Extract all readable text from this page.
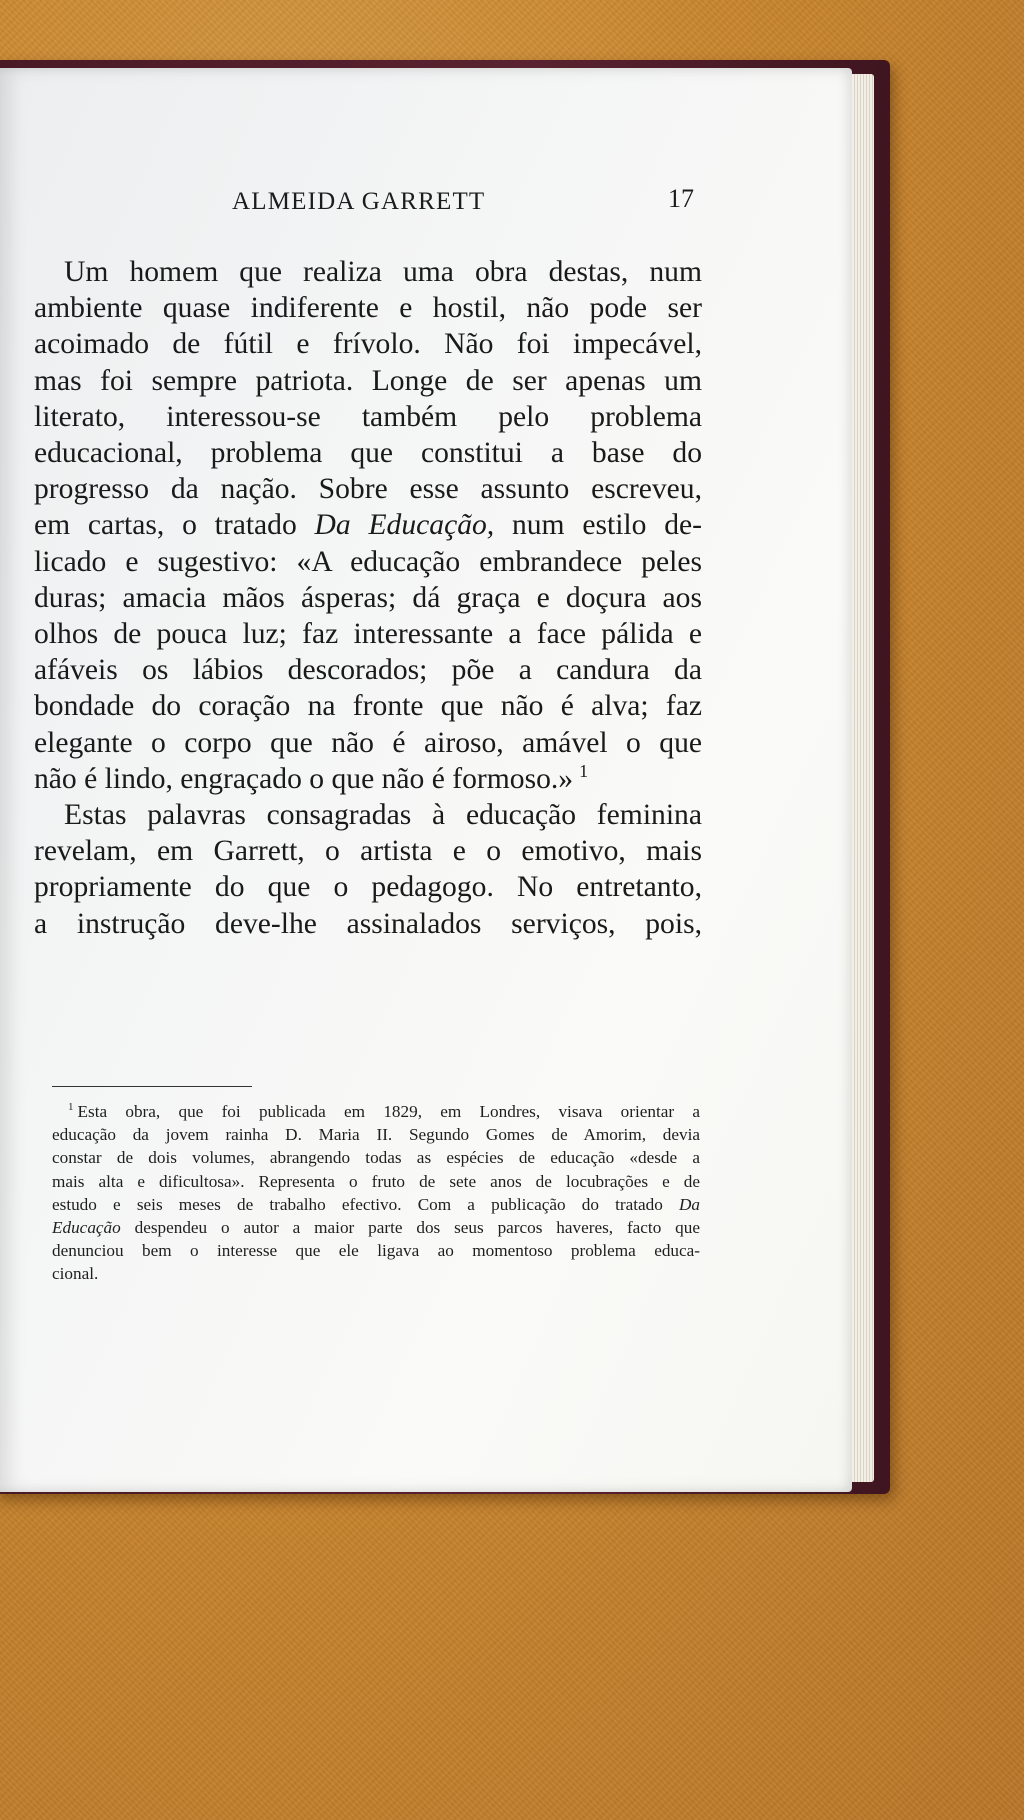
ALMEIDA GARRETT	17
Um homem que realiza uma obra destas, num
ambiente quase indiferente e hostil, não pode ser
acoimado de fútil e frívolo. Não foi impecável,
mas foi sempre patriota. Longe de ser apenas um
literato, interessou-se também pelo problema
educacional, problema que constitui a base do
progresso da nação. Sobre esse assunto escreveu,
em cartas, o tratado Da Educação, num estilo de-
licado e sugestivo: «A educação embrandece peles
duras; amacia mãos ásperas; dá graça e doçura aos
olhos de pouca luz; faz interessante a face pálida e
afáveis os lábios descorados; põe a candura da
bondade do coração na fronte que não é alva; faz
elegante o corpo que não é airoso, amável o que
não é lindo, engraçado o que não é formoso.» $^1$
Estas palavras consagradas à educação feminina
revelam, em Garrett, o artista e o emotivo, mais
propriamente do que o pedagogo. No entretanto,
a instrução deve-lhe assinalados serviços, pois,
$^1$ Esta obra, que foi publicada em 1829, em Londres, visava orientar a
educação da jovem rainha D. Maria II. Segundo Gomes de Amorim, devia
constar de dois volumes, abrangendo todas as espécies de educação «desde a
mais alta e dificultosa». Representa o fruto de sete anos de locubrações e de
estudo e seis meses de trabalho efectivo. Com a publicação do tratado Da
Educação despendeu o autor a maior parte dos seus parcos haveres, facto que
denunciou bem o interesse que ele ligava ao momentoso problema educa-
cional.
